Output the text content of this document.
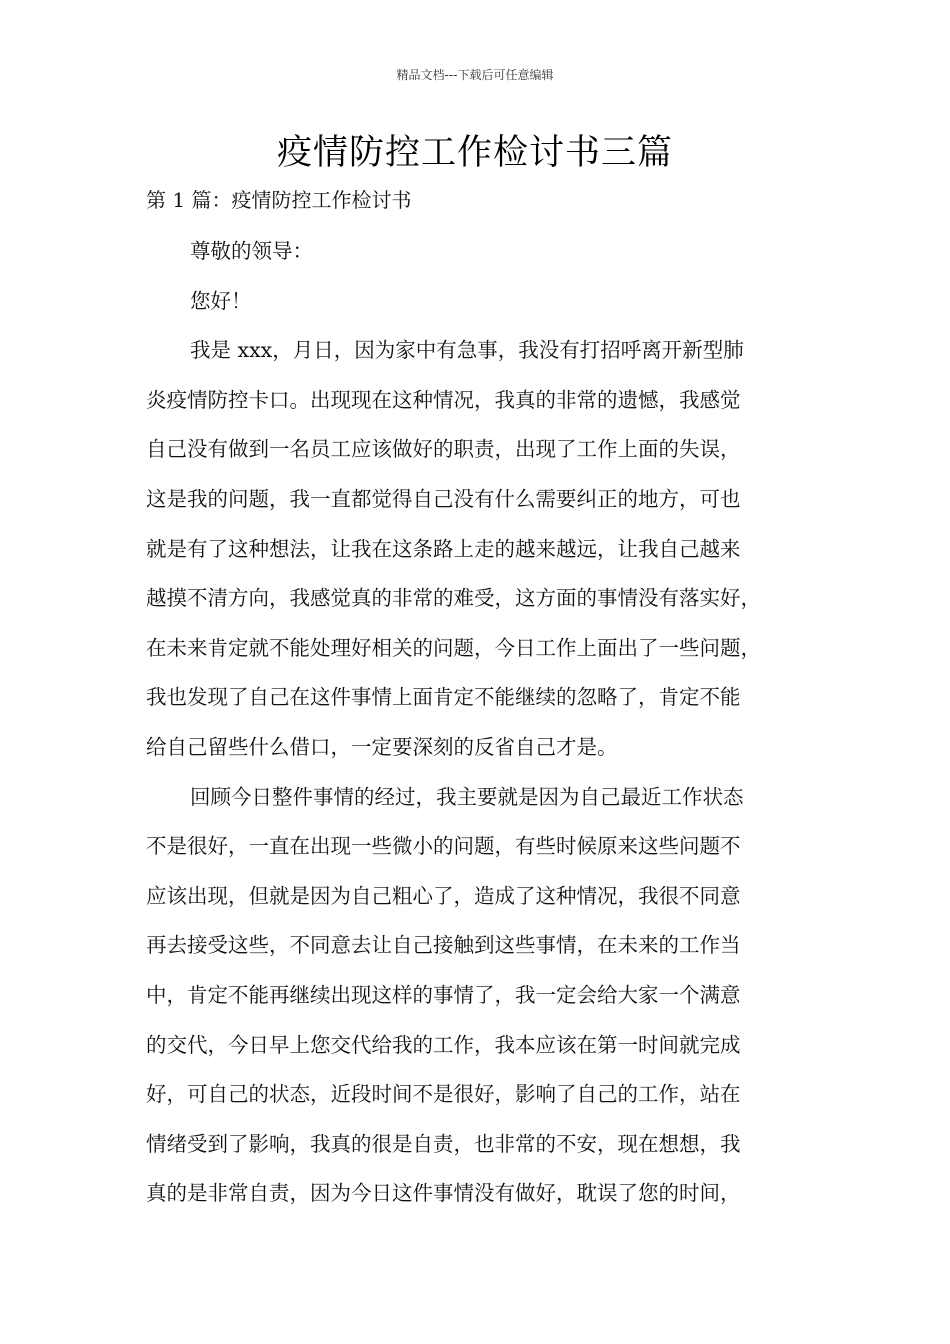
精品文档---下载后可任意编辑
疫情防控工作检讨书三篇
第 1 篇：疫情防控工作检讨书
尊敬的领导：
您好！
我是 xxx，月日，因为家中有急事，我没有打招呼离开新型肺
炎疫情防控卡口。出现现在这种情况，我真的非常的遗憾，我感觉
自己没有做到一名员工应该做好的职责，出现了工作上面的失误，
这是我的问题，我一直都觉得自己没有什么需要纠正的地方，可也
就是有了这种想法，让我在这条路上走的越来越远，让我自己越来
越摸不清方向，我感觉真的非常的难受，这方面的事情没有落实好，
在未来肯定就不能处理好相关的问题，今日工作上面出了一些问题，
我也发现了自己在这件事情上面肯定不能继续的忽略了，肯定不能
给自己留些什么借口，一定要深刻的反省自己才是。
回顾今日整件事情的经过，我主要就是因为自己最近工作状态
不是很好，一直在出现一些微小的问题，有些时候原来这些问题不
应该出现，但就是因为自己粗心了，造成了这种情况，我很不同意
再去接受这些，不同意去让自己接触到这些事情，在未来的工作当
中，肯定不能再继续出现这样的事情了，我一定会给大家一个满意
的交代，今日早上您交代给我的工作，我本应该在第一时间就完成
好，可自己的状态，近段时间不是很好，影响了自己的工作，站在
情绪受到了影响，我真的很是自责，也非常的不安，现在想想，我
真的是非常自责，因为今日这件事情没有做好，耽误了您的时间，
